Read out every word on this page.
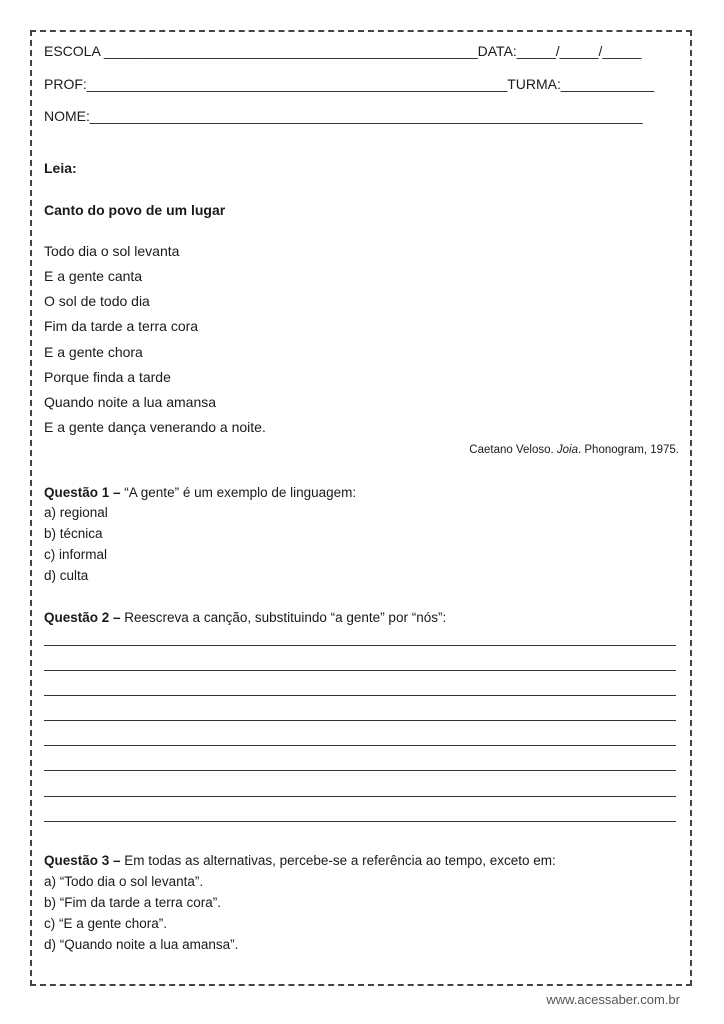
ESCOLA ________________________________________________DATA:_____/_____/_____
PROF:______________________________________________________TURMA:____________
NOME:_______________________________________________________________________
Leia:
Canto do povo de um lugar
Todo dia o sol levanta
E a gente canta
O sol de todo dia
Fim da tarde a terra cora
E a gente chora
Porque finda a tarde
Quando noite a lua amansa
E a gente dança venerando a noite.
Caetano Veloso. Joia. Phonogram, 1975.
Questão 1 – “A gente” é um exemplo de linguagem:
a) regional
b) técnica
c) informal
d) culta
Questão 2 – Reescreva a canção, substituindo “a gente” por “nós”:
Questão 3 – Em todas as alternativas, percebe-se a referência ao tempo, exceto em:
a) “Todo dia o sol levanta”.
b) “Fim da tarde a terra cora”.
c) “E a gente chora”.
d) “Quando noite a lua amansa”.
www.acessaber.com.br
